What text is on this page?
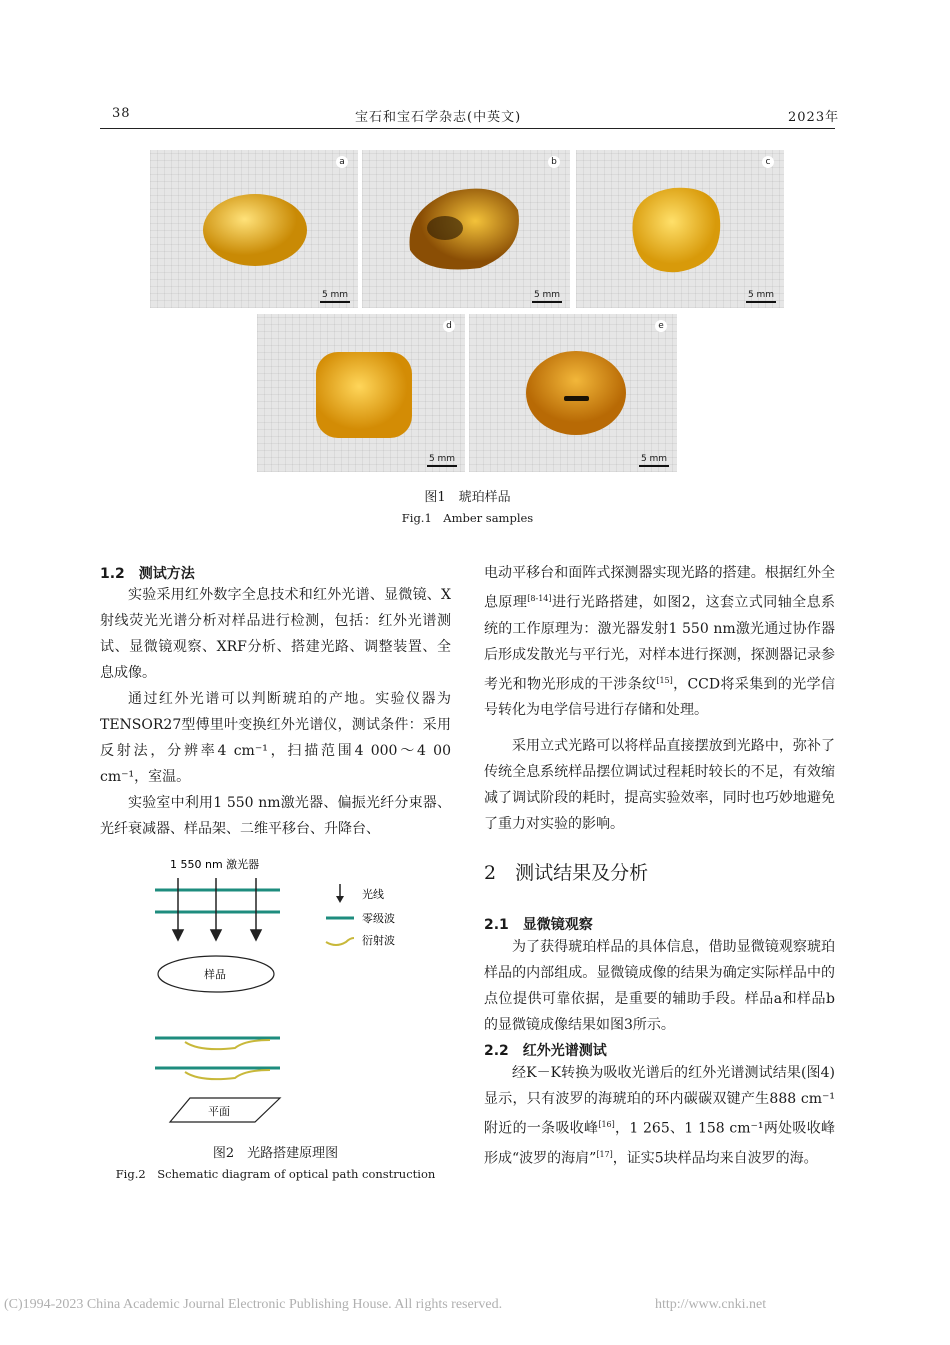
38	宝石和宝石学杂志(中英文)	2023年
a
5 mm
b
5 mm
c
5 mm
d
5 mm
e
5 mm
图1　琥珀样品
Fig.1　Amber samples
1.2　测试方法
实验采用红外数字全息技术和红外光谱、显微镜、X射线荧光光谱分析对样品进行检测，包括：红外光谱测试、显微镜观察、XRF分析、搭建光路、调整装置、全息成像。
通过红外光谱可以判断琥珀的产地。实验仪器为TENSOR27型傅里叶变换红外光谱仪，测试条件：采用反射法，分辨率4 cm⁻¹，扫描范围4 000～4 00 cm⁻¹，室温。
实验室中利用1 550 nm激光器、偏振光纤分束器、光纤衰减器、样品架、二维平移台、升降台、
1 550 nm 激光器
样品
平面
光线
零级波
衍射波
图2　光路搭建原理图
Fig.2　Schematic diagram of optical path construction
电动平移台和面阵式探测器实现光路的搭建。根据红外全息原理[8-14]进行光路搭建，如图2，这套立式同轴全息系统的工作原理为：激光器发射1 550 nm激光通过协作器后形成发散光与平行光，对样本进行探测，探测器记录参考光和物光形成的干涉条纹[15]，CCD将采集到的光学信号转化为电学信号进行存储和处理。
采用立式光路可以将样品直接摆放到光路中，弥补了传统全息系统样品摆位调试过程耗时较长的不足，有效缩减了调试阶段的耗时，提高实验效率，同时也巧妙地避免了重力对实验的影响。
2　测试结果及分析
2.1　显微镜观察
为了获得琥珀样品的具体信息，借助显微镜观察琥珀样品的内部组成。显微镜成像的结果为确定实际样品中的点位提供可靠依据，是重要的辅助手段。样品a和样品b的显微镜成像结果如图3所示。
2.2　红外光谱测试
经K－K转换为吸收光谱后的红外光谱测试结果(图4)显示，只有波罗的海琥珀的环内碳碳双键产生888 cm⁻¹附近的一条吸收峰[16]，1 265、1 158 cm⁻¹两处吸收峰形成“波罗的海肩”[17]，证实5块样品均来自波罗的海。
(C)1994-2023 China Academic Journal Electronic Publishing House. All rights reserved.	http://www.cnki.net
